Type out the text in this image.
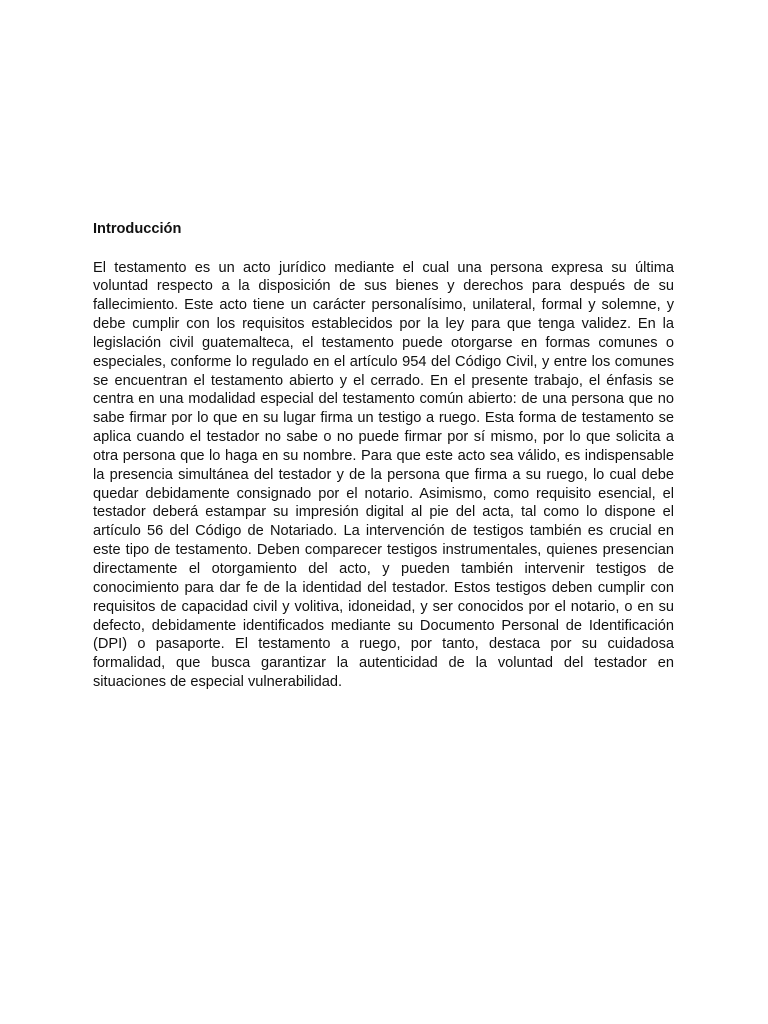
Introducción

El testamento es un acto jurídico mediante el cual una persona expresa su última voluntad respecto a la disposición de sus bienes y derechos para después de su fallecimiento. Este acto tiene un carácter personalísimo, unilateral, formal y solemne, y debe cumplir con los requisitos establecidos por la ley para que tenga validez. En la legislación civil guatemalteca, el testamento puede otorgarse en formas comunes o especiales, conforme lo regulado en el artículo 954 del Código Civil, y entre los comunes se encuentran el testamento abierto y el cerrado. En el presente trabajo, el énfasis se centra en una modalidad especial del testamento común abierto: de una persona que no sabe firmar por lo que en su lugar firma un testigo a ruego. Esta forma de testamento se aplica cuando el testador no sabe o no puede firmar por sí mismo, por lo que solicita a otra persona que lo haga en su nombre. Para que este acto sea válido, es indispensable la presencia simultánea del testador y de la persona que firma a su ruego, lo cual debe quedar debidamente consignado por el notario. Asimismo, como requisito esencial, el testador deberá estampar su impresión digital al pie del acta, tal como lo dispone el artículo 56 del Código de Notariado. La intervención de testigos también es crucial en este tipo de testamento. Deben comparecer testigos instrumentales, quienes presencian directamente el otorgamiento del acto, y pueden también intervenir testigos de conocimiento para dar fe de la identidad del testador. Estos testigos deben cumplir con requisitos de capacidad civil y volitiva, idoneidad, y ser conocidos por el notario, o en su defecto, debidamente identificados mediante su Documento Personal de Identificación (DPI) o pasaporte. El testamento a ruego, por tanto, destaca por su cuidadosa formalidad, que busca garantizar la autenticidad de la voluntad del testador en situaciones de especial vulnerabilidad.
